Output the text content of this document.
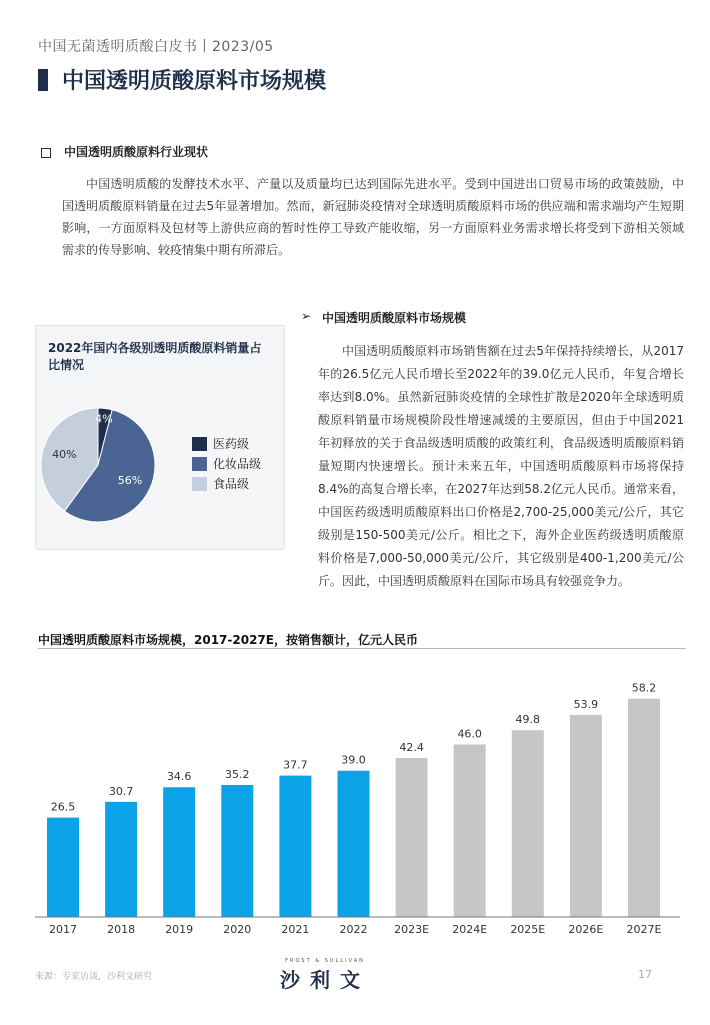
中国无菌透明质酸白皮书丨2023/05
中国透明质酸原料市场规模
中国透明质酸原料行业现状
中国透明质酸的发酵技术水平、产量以及质量均已达到国际先进水平。受到中国进出口贸易市场的政策鼓励，中国透明质酸原料销量在过去5年显著增加。然而，新冠肺炎疫情对全球透明质酸原料市场的供应端和需求端均产生短期影响，一方面原料及包材等上游供应商的暂时性停工导致产能收缩，另一方面原料业务需求增长将受到下游相关领域需求的传导影响、较疫情集中期有所滞后。
2022年国内各级别透明质酸原料销量占比情况
4%
56%
40%
医药级
化妆品级
食品级
➢ 中国透明质酸原料市场规模
中国透明质酸原料市场销售额在过去5年保持持续增长，从2017年的26.5亿元人民币增长至2022年的39.0亿元人民币，年复合增长率达到8.0%。虽然新冠肺炎疫情的全球性扩散是2020年全球透明质酸原料销量市场规模阶段性增速减缓的主要原因，但由于中国2021年初释放的关于食品级透明质酸的政策红利，食品级透明质酸原料销量短期内快速增长。预计未来五年，中国透明质酸原料市场将保持8.4%的高复合增长率，在2027年达到58.2亿元人民币。通常来看，中国医药级透明质酸原料出口价格是2,700-25,000美元/公斤，其它级别是150-500美元/公斤。相比之下，海外企业医药级透明质酸原料价格是7,000-50,000美元/公斤，其它级别是400-1,200美元/公斤。因此，中国透明质酸原料在国际市场具有较强竞争力。
中国透明质酸原料市场规模，2017-2027E，按销售额计，亿元人民币
26.5
30.7
34.6	35.2
37.7	39.0
42.4
46.0
49.8
53.9
58.2
2017	2018	2019	2020	2021	2022 2023E 2024E 2025E 2026E 2027E
来源：专家访谈，沙利文研究
FROST & SULLIVAN
沙利文	17
